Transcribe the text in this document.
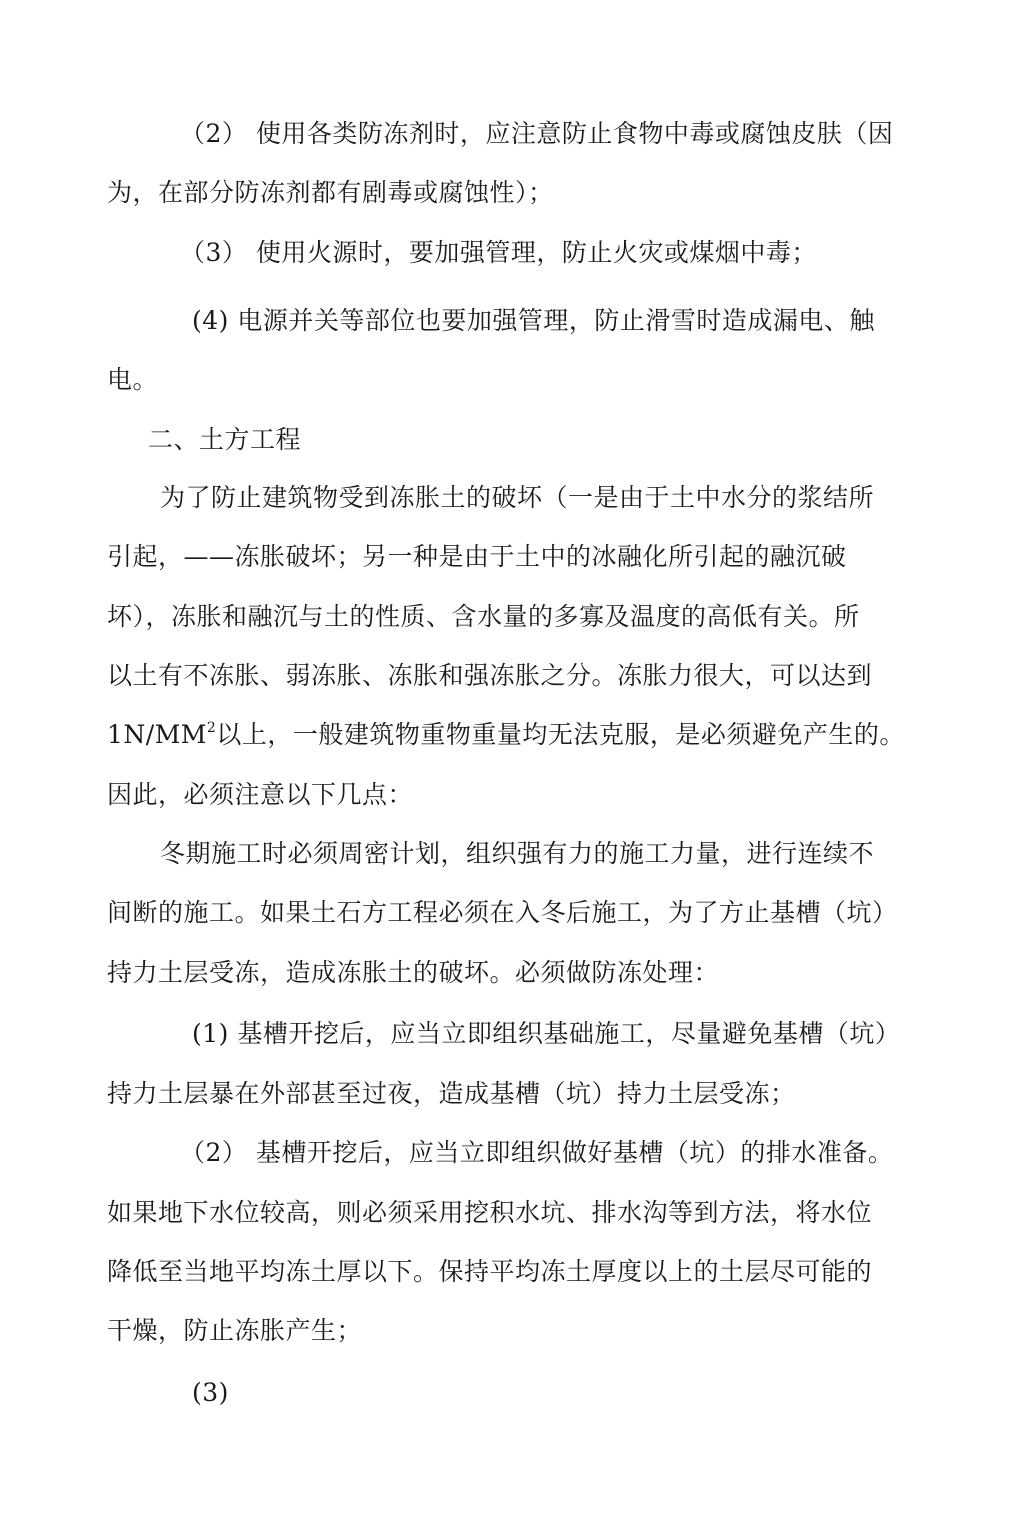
（2） 使用各类防冻剂时，应注意防止食物中毒或腐蚀皮肤（因
为，在部分防冻剂都有剧毒或腐蚀性）；
（3） 使用火源时，要加强管理，防止火灾或煤烟中毒；
(4) 电源并关等部位也要加强管理，防止滑雪时造成漏电、触
电。
二、土方工程
为了防止建筑物受到冻胀土的破坏（一是由于土中水分的浆结所
引起，——冻胀破坏；另一种是由于土中的冰融化所引起的融沉破
坏），冻胀和融沉与土的性质、含水量的多寡及温度的高低有关。所
以土有不冻胀、弱冻胀、冻胀和强冻胀之分。冻胀力很大，可以达到
$1N/MM^2$以上，一般建筑物重物重量均无法克服，是必须避免产生的。
因此，必须注意以下几点：
冬期施工时必须周密计划，组织强有力的施工力量，进行连续不
间断的施工。如果土石方工程必须在入冬后施工，为了方止基槽（坑）
持力土层受冻，造成冻胀土的破坏。必须做防冻处理：
(1) 基槽开挖后，应当立即组织基础施工，尽量避免基槽（坑）
持力土层暴在外部甚至过夜，造成基槽（坑）持力土层受冻；
（2） 基槽开挖后，应当立即组织做好基槽（坑）的排水准备。
如果地下水位较高，则必须采用挖积水坑、排水沟等到方法，将水位
降低至当地平均冻土厚以下。保持平均冻土厚度以上的土层尽可能的
干燥，防止冻胀产生；
(3)
